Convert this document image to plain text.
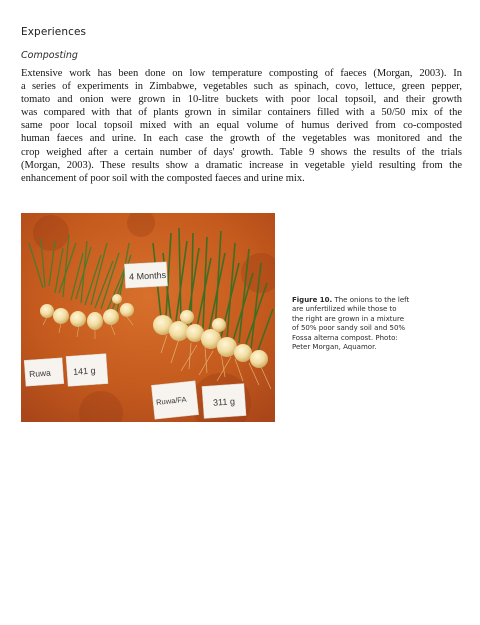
Experiences
Composting
Extensive work has been done on low temperature composting of faeces (Morgan, 2003). In
a series of experiments in Zimbabwe, vegetables such as spinach, covo, lettuce, green pepper,
tomato and onion were grown in 10-litre buckets with poor local topsoil, and their growth
was compared with that of plants grown in similar containers filled with a 50/50 mix of the
same poor local topsoil mixed with an equal volume of humus derived from co-composted
human faeces and urine. In each case the growth of the vegetables was monitored and the
crop weighed after a certain number of days' growth. Table 9 shows the results of the trials
(Morgan, 2003). These results show a dramatic increase in vegetable yield resulting from the
enhancement of poor soil with the composted faeces and urine mix.
4 Months
Ruwa 141 g
Ruwa/FA	311 g
Figure 10. The onions to the left
are unfertilized while those to
the right are grown in a mixture
of 50% poor sandy soil and 50%
Fossa alterna compost. Photo:
Peter Morgan, Aquamor.
